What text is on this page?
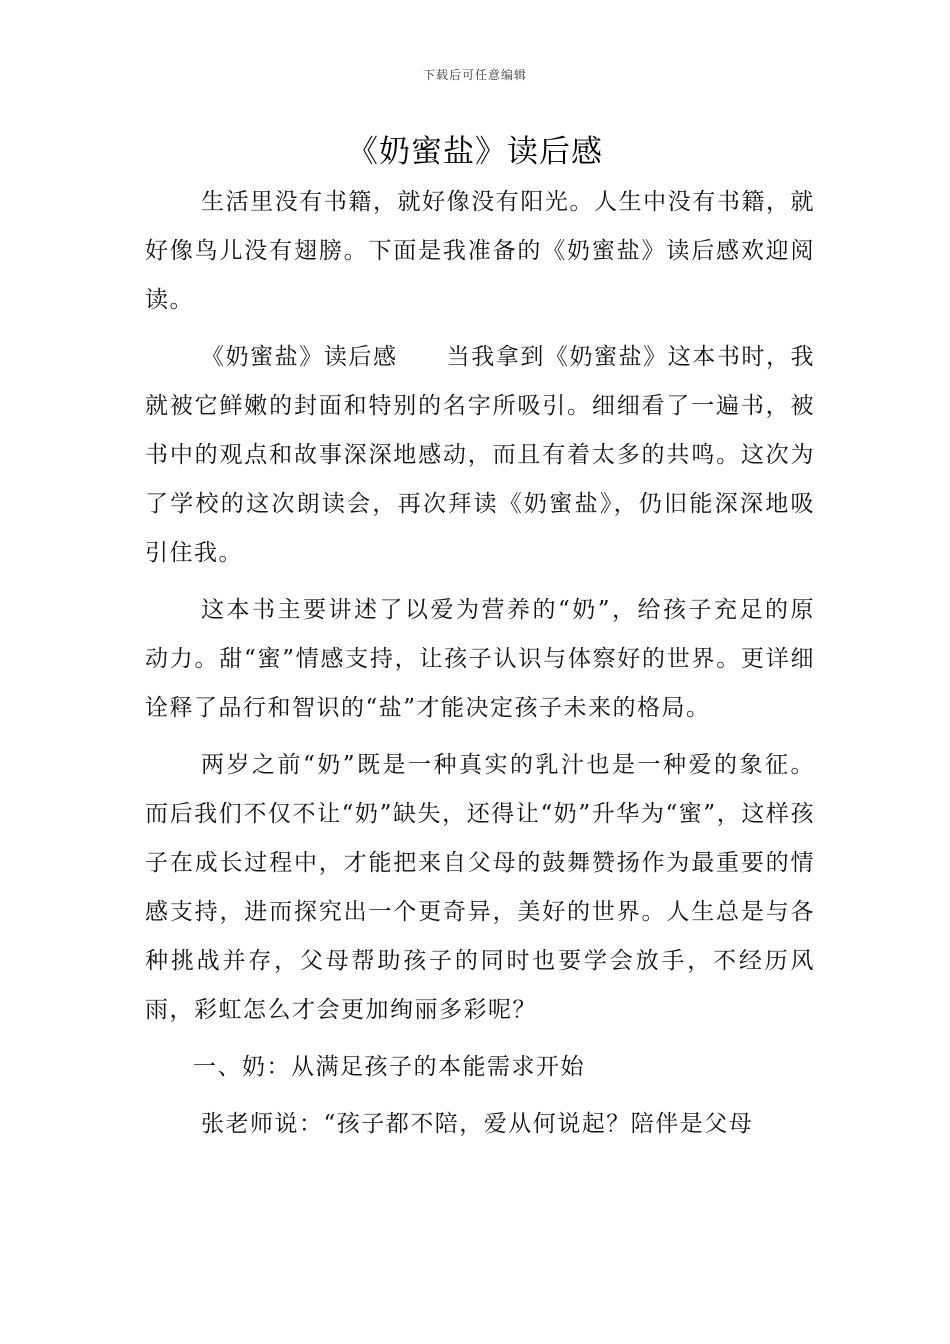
下载后可任意编辑
《奶蜜盐》读后感

生活里没有书籍，就好像没有阳光。人生中没有书籍，就好像鸟儿没有翅膀。下面是我准备的《奶蜜盐》读后感欢迎阅读。

《奶蜜盐》读后感　　当我拿到《奶蜜盐》这本书时，我就被它鲜嫩的封面和特别的名字所吸引。细细看了一遍书，被书中的观点和故事深深地感动，而且有着太多的共鸣。这次为了学校的这次朗读会，再次拜读《奶蜜盐》，仍旧能深深地吸引住我。

这本书主要讲述了以爱为营养的“奶”，给孩子充足的原动力。甜“蜜”情感支持，让孩子认识与体察好的世界。更详细诠释了品行和智识的“盐”才能决定孩子未来的格局。

两岁之前“奶”既是一种真实的乳汁也是一种爱的象征。而后我们不仅不让“奶”缺失，还得让“奶”升华为“蜜”，这样孩子在成长过程中，才能把来自父母的鼓舞赞扬作为最重要的情感支持，进而探究出一个更奇异，美好的世界。人生总是与各种挑战并存，父母帮助孩子的同时也要学会放手，不经历风雨，彩虹怎么才会更加绚丽多彩呢？

一、奶：从满足孩子的本能需求开始

张老师说：“孩子都不陪，爱从何说起？陪伴是父母
